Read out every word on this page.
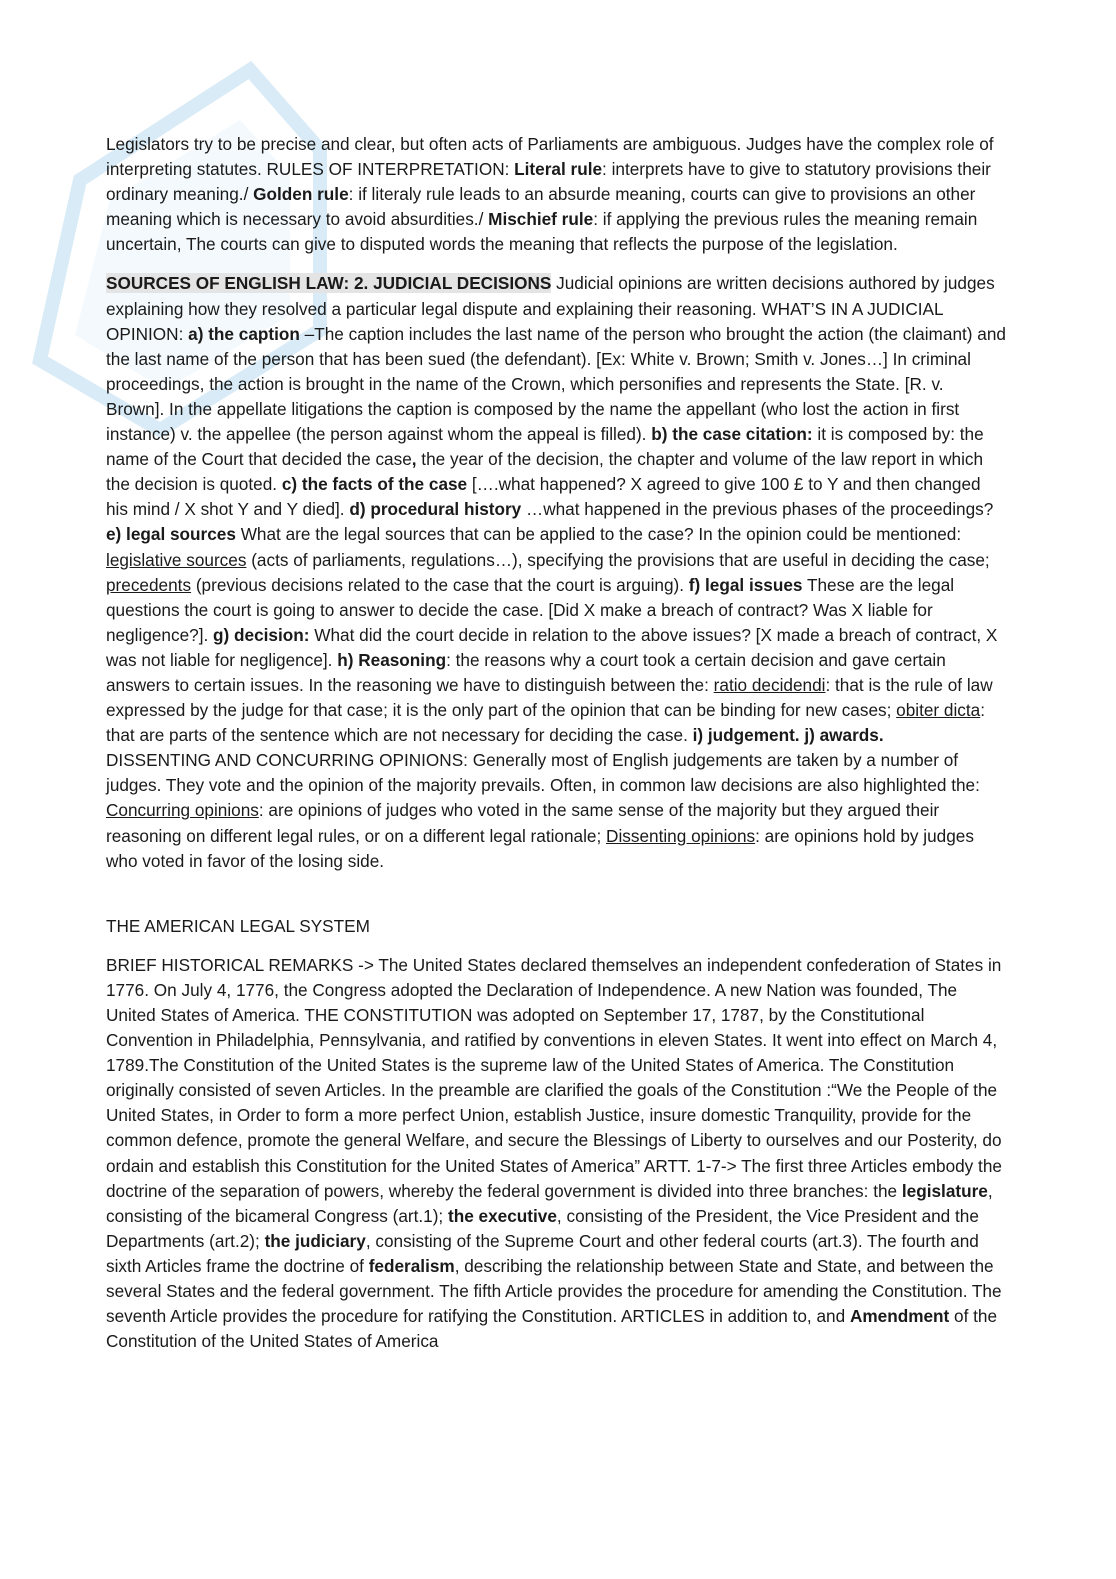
Legislators try to be precise and clear, but often acts of Parliaments are ambiguous. Judges have the complex role of interpreting statutes. RULES OF INTERPRETATION: Literal rule: interprets have to give to statutory provisions their ordinary meaning./ Golden rule: if literaly rule leads to an absurde meaning, courts can give to provisions an other meaning which is necessary to avoid absurdities./ Mischief rule: if applying the previous rules the meaning remain uncertain, The courts can give to disputed words the meaning that reflects the purpose of the legislation.

SOURCES OF ENGLISH LAW: 2. JUDICIAL DECISIONS Judicial opinions are written decisions authored by judges explaining how they resolved a particular legal dispute and explaining their reasoning. WHAT’S IN A JUDICIAL OPINION: a) the caption –The caption includes the last name of the person who brought the action (the claimant) and the last name of the person that has been sued (the defendant). [Ex: White v. Brown; Smith v. Jones…] In criminal proceedings, the action is brought in the name of the Crown, which personifies and represents the State. [R. v. Brown]. In the appellate litigations the caption is composed by the name the appellant (who lost the action in first instance) v. the appellee (the person against whom the appeal is filled). b) the case citation: it is composed by: the name of the Court that decided the case, the year of the decision, the chapter and volume of the law report in which the decision is quoted. c) the facts of the case [….what happened? X agreed to give 100 £ to Y and then changed his mind / X shot Y and Y died]. d) procedural history …what happened in the previous phases of the proceedings? e) legal sources What are the legal sources that can be applied to the case? In the opinion could be mentioned: legislative sources (acts of parliaments, regulations…), specifying the provisions that are useful in deciding the case; precedents (previous decisions related to the case that the court is arguing). f) legal issues These are the legal questions the court is going to answer to decide the case. [Did X make a breach of contract? Was X liable for negligence?]. g) decision: What did the court decide in relation to the above issues? [X made a breach of contract, X was not liable for negligence]. h) Reasoning: the reasons why a court took a certain decision and gave certain answers to certain issues. In the reasoning we have to distinguish between the: ratio decidendi: that is the rule of law expressed by the judge for that case; it is the only part of the opinion that can be binding for new cases; obiter dicta: that are parts of the sentence which are not necessary for deciding the case. i) judgement. j) awards.

DISSENTING AND CONCURRING OPINIONS: Generally most of English judgements are taken by a number of judges. They vote and the opinion of the majority prevails. Often, in common law decisions are also highlighted the: Concurring opinions: are opinions of judges who voted in the same sense of the majority but they argued their reasoning on different legal rules, or on a different legal rationale; Dissenting opinions: are opinions hold by judges who voted in favor of the losing side.

THE AMERICAN LEGAL SYSTEM

BRIEF HISTORICAL REMARKS -> The United States declared themselves an independent confederation of States in 1776. On July 4, 1776, the Congress adopted the Declaration of Independence. A new Nation was founded, The United States of America. THE CONSTITUTION was adopted on September 17, 1787, by the Constitutional Convention in Philadelphia, Pennsylvania, and ratified by conventions in eleven States. It went into effect on March 4, 1789.The Constitution of the United States is the supreme law of the United States of America. The Constitution originally consisted of seven Articles. In the preamble are clarified the goals of the Constitution :“We the People of the United States, in Order to form a more perfect Union, establish Justice, insure domestic Tranquility, provide for the common defence, promote the general Welfare, and secure the Blessings of Liberty to ourselves and our Posterity, do ordain and establish this Constitution for the United States of America” ARTT. 1-7-> The first three Articles embody the doctrine of the separation of powers, whereby the federal government is divided into three branches: the legislature, consisting of the bicameral Congress (art.1); the executive, consisting of the President, the Vice President and the Departments (art.2); the judiciary, consisting of the Supreme Court and other federal courts (art.3). The fourth and sixth Articles frame the doctrine of federalism, describing the relationship between State and State, and between the several States and the federal government. The fifth Article provides the procedure for amending the Constitution. The seventh Article provides the procedure for ratifying the Constitution. ARTICLES in addition to, and Amendment of the Constitution of the United States of America
